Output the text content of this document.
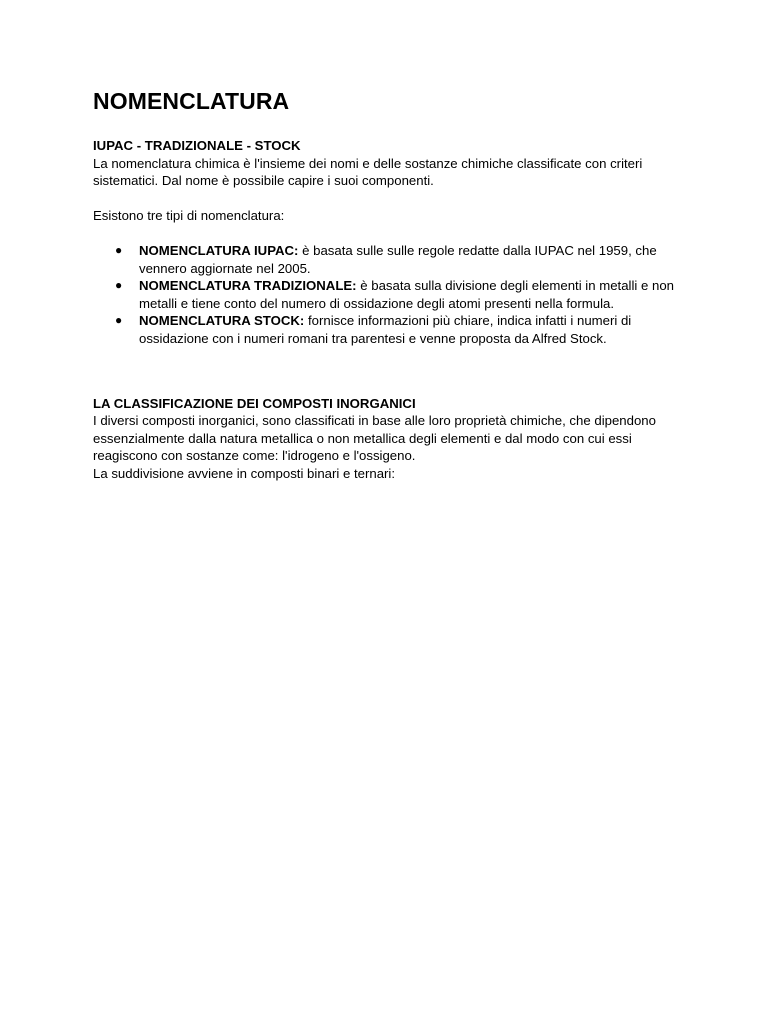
NOMENCLATURA
IUPAC - TRADIZIONALE - STOCK

La nomenclatura chimica è l'insieme dei nomi e delle sostanze chimiche classificate con criteri sistematici. Dal nome è possibile capire i suoi componenti.

Esistono tre tipi di nomenclatura:

● NOMENCLATURA IUPAC: è basata sulle sulle regole redatte dalla IUPAC nel 1959, che vennero aggiornate nel 2005.
● NOMENCLATURA TRADIZIONALE: è basata sulla divisione degli elementi in metalli e non metalli e tiene conto del numero di ossidazione degli atomi presenti nella formula.
● NOMENCLATURA STOCK: fornisce informazioni più chiare, indica infatti i numeri di ossidazione con i numeri romani tra parentesi e venne proposta da Alfred Stock.
LA CLASSIFICAZIONE DEI COMPOSTI INORGANICI

I diversi composti inorganici, sono classificati in base alle loro proprietà chimiche, che dipendono essenzialmente dalla natura metallica o non metallica degli elementi e dal modo con cui essi reagiscono con sostanze come: l'idrogeno e l'ossigeno.

La suddivisione avviene in composti binari e ternari:
